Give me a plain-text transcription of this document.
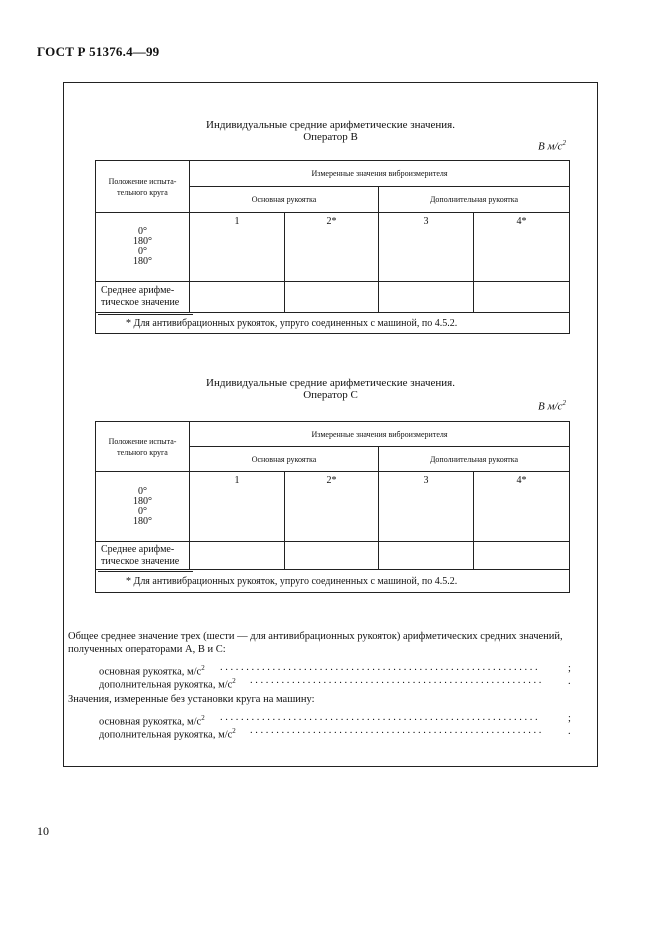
ГОСТ Р 51376.4—99
Индивидуальные средние арифметические значения.
Оператор В
В $м/с^2$
Положение испыта-
тельного круга	Измеренные значения виброизмерителя			
	Основная рукоятка		Дополнительная рукоятка	

0°
180°
0°
180°	1	2*	3	4*
Среднее арифме-
тическое значение				

* Для антивибрационных рукояток, упруго соединенных с машиной, по 4.5.2.				
Индивидуальные средние арифметические значения.
Оператор С
В $м/с^2$
Положение испыта-
тельного круга	Измеренные значения виброизмерителя			
	Основная рукоятка		Дополнительная рукоятка	

0°
180°
0°
180°	1	2*	3	4*
Среднее арифме-
тическое значение				

* Для антивибрационных рукояток, упруго соединенных с машиной, по 4.5.2.				
Общее среднее значение трех (шести — для антивибрационных рукояток) арифметических средних значений,
полученных операторами А, В и С:
основная рукоятка, $м/с^2$ . . . . . . . . . . . . . . . . . . . . . . . . . . . . . . . . . . . . . . . . . . . . . . . . . . . . . . . . . . . . .	;
дополнительная рукоятка, $м/с^2$ . . . . . . . . . . . . . . . . . . . . . . . . . . . . . . . . . . . . . . . . . . . . . . . . . . . . . . . .	.
Значения, измеренные без установки круга на машину:
основная рукоятка, $м/с^2$ . . . . . . . . . . . . . . . . . . . . . . . . . . . . . . . . . . . . . . . . . . . . . . . . . . . . . . . . . . . . .	;
дополнительная рукоятка, $м/с^2$ . . . . . . . . . . . . . . . . . . . . . . . . . . . . . . . . . . . . . . . . . . . . . . . . . . . . . . . .	.
10
